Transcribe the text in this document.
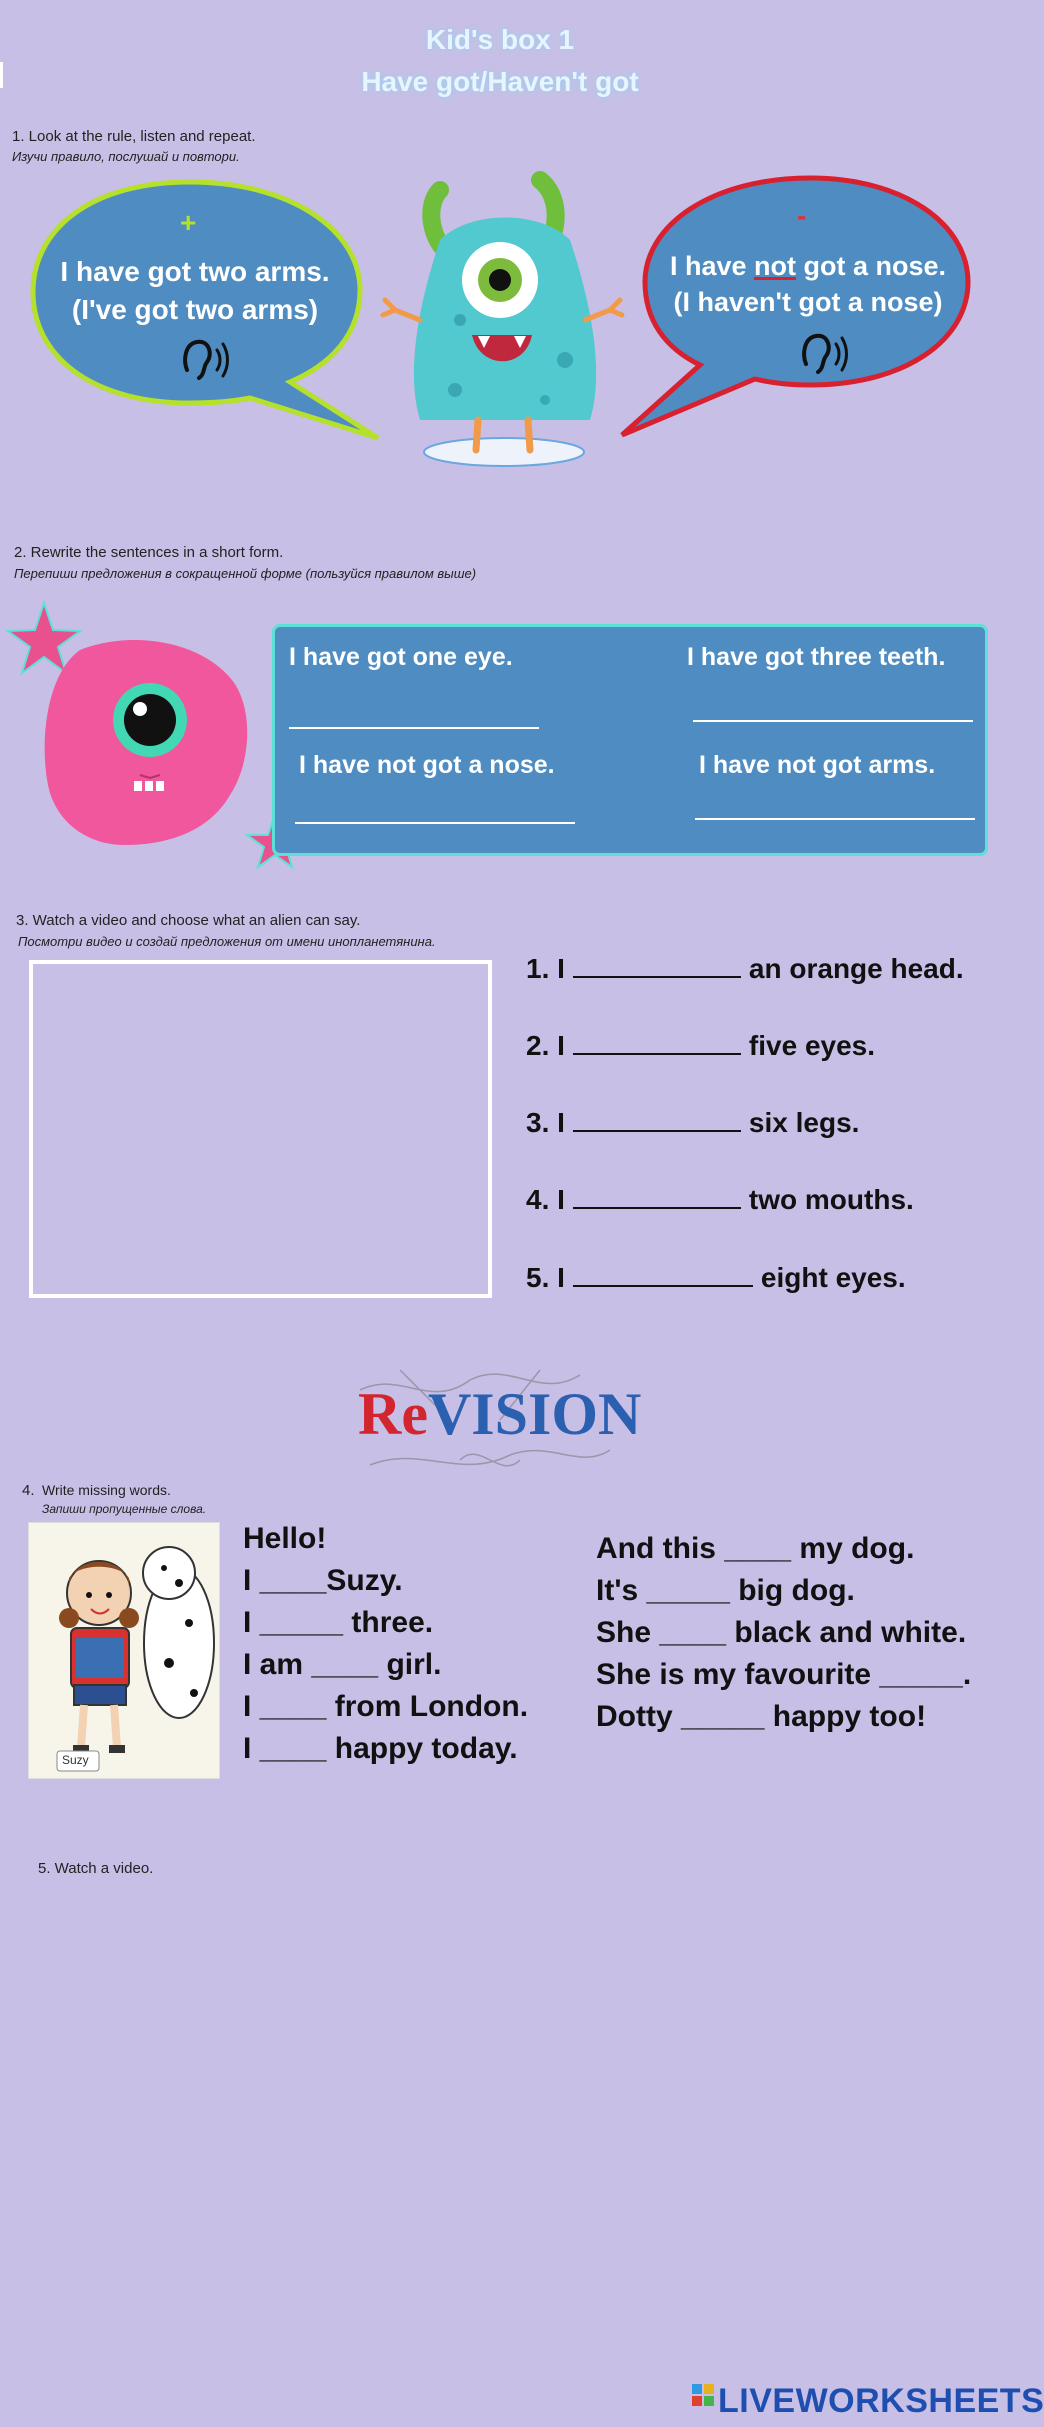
Kid's box 1
Have got/Haven't got
1. Look at the rule, listen and repeat.
Изучи правило, послушай и повтори.
+	-
I have got two arms.
(I've got two arms)
I have not got a nose.
(I haven't got a nose)
2. Rewrite the sentences in a short form.
Перепиши предложения в сокращенной форме (пользуйся правилом выше)
I have got one eye.	I have got three teeth.
I have not got a nose.	I have not got arms.
3. Watch a video and choose what an alien can say.
Посмотри видео и создай предложения от имени инопланетянина.
1. I	an orange head.
2. I	five eyes.
3. I	six legs.
4. I	two mouths.
5. I	eight eyes.
ReVISION
4. Write missing words.
Запиши пропущенные слова.
Suzy
Hello!
I ____Suzy.
I _____ three.
I am ____ girl.
I ____ from London.
I ____ happy today.
And this ____ my dog.
It's _____ big dog.
She ____ black and white.
She is my favourite _____.
Dotty _____ happy too!
5. Watch a video.
LIVEWORKSHEETS
